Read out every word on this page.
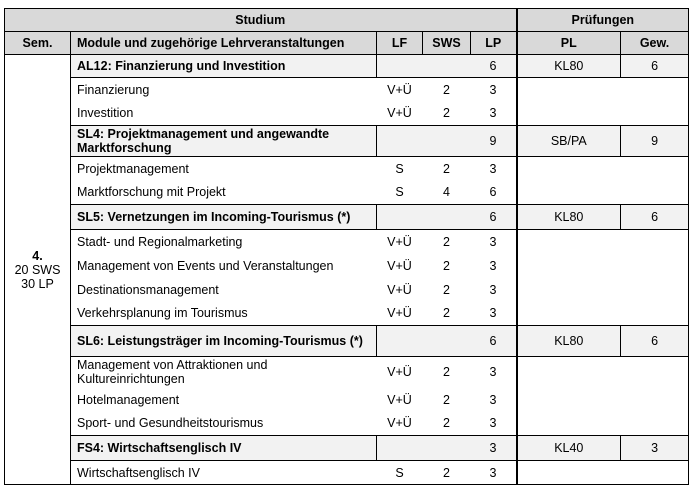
Studium					Prüfungen	
Sem.	Module und zugehörige Lehrveranstaltungen	LF	SWS	LP	PL	Gew.

4.
20 SWS
30 LP	AL12: Finanzierung und Investition			6	KL80	6
	Finanzierung	V+Ü	2	3		
	Investition	V+Ü	2	3		
	SL4: Projektmanagement und angewandte Marktforschung			9	SB/PA	9
	Projektmanagement	S	2	3		
	Marktforschung mit Projekt	S	4	6		
	SL5: Vernetzungen im Incoming-Tourismus (*)			6	KL80	6
	Stadt- und Regionalmarketing	V+Ü	2	3		
	Management von Events und Veranstaltungen	V+Ü	2	3		
	Destinationsmanagement	V+Ü	2	3		
	Verkehrsplanung im Tourismus	V+Ü	2	3		
	SL6: Leistungsträger im Incoming-Tourismus (*)			6	KL80	6
	Management von Attraktionen und Kultureinrichtungen	V+Ü	2	3		
	Hotelmanagement	V+Ü	2	3		
	Sport- und Gesundheitstourismus	V+Ü	2	3		
	FS4: Wirtschaftsenglisch IV			3	KL40	3
	Wirtschaftsenglisch IV	S	2	3		
